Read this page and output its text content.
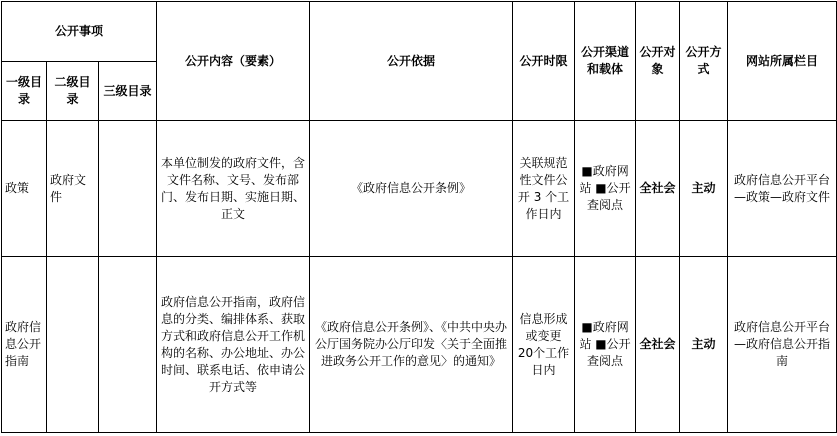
公开事项			公开内容（要素）	公开依据	公开时限	公开渠道和载体	公开对象	公开方式	网站所属栏目
一级目录	二级目录	三级目录							
政策	政府文件		本单位制发的政府文件，含文件名称、文号、发布部门、发布日期、实施日期、正文	《政府信息公开条例》	关联规范性文件公开 3 个工作日内	■政府网站 ■公开查阅点	全社会	主动	政府信息公开平台—政策—政府文件
政府信息公开指南			政府信息公开指南，政府信息的分类、编排体系、获取方式和政府信息公开工作机构的名称、办公地址、办公时间、联系电话、依申请公开方式等	《政府信息公开条例》、《中共中央办公厅国务院办公厅印发〈关于全面推进政务公开工作的意见〉的通知》	信息形成或变更 20个工作日内	■政府网站 ■公开查阅点	全社会	主动	政府信息公开平台—政府信息公开指南
